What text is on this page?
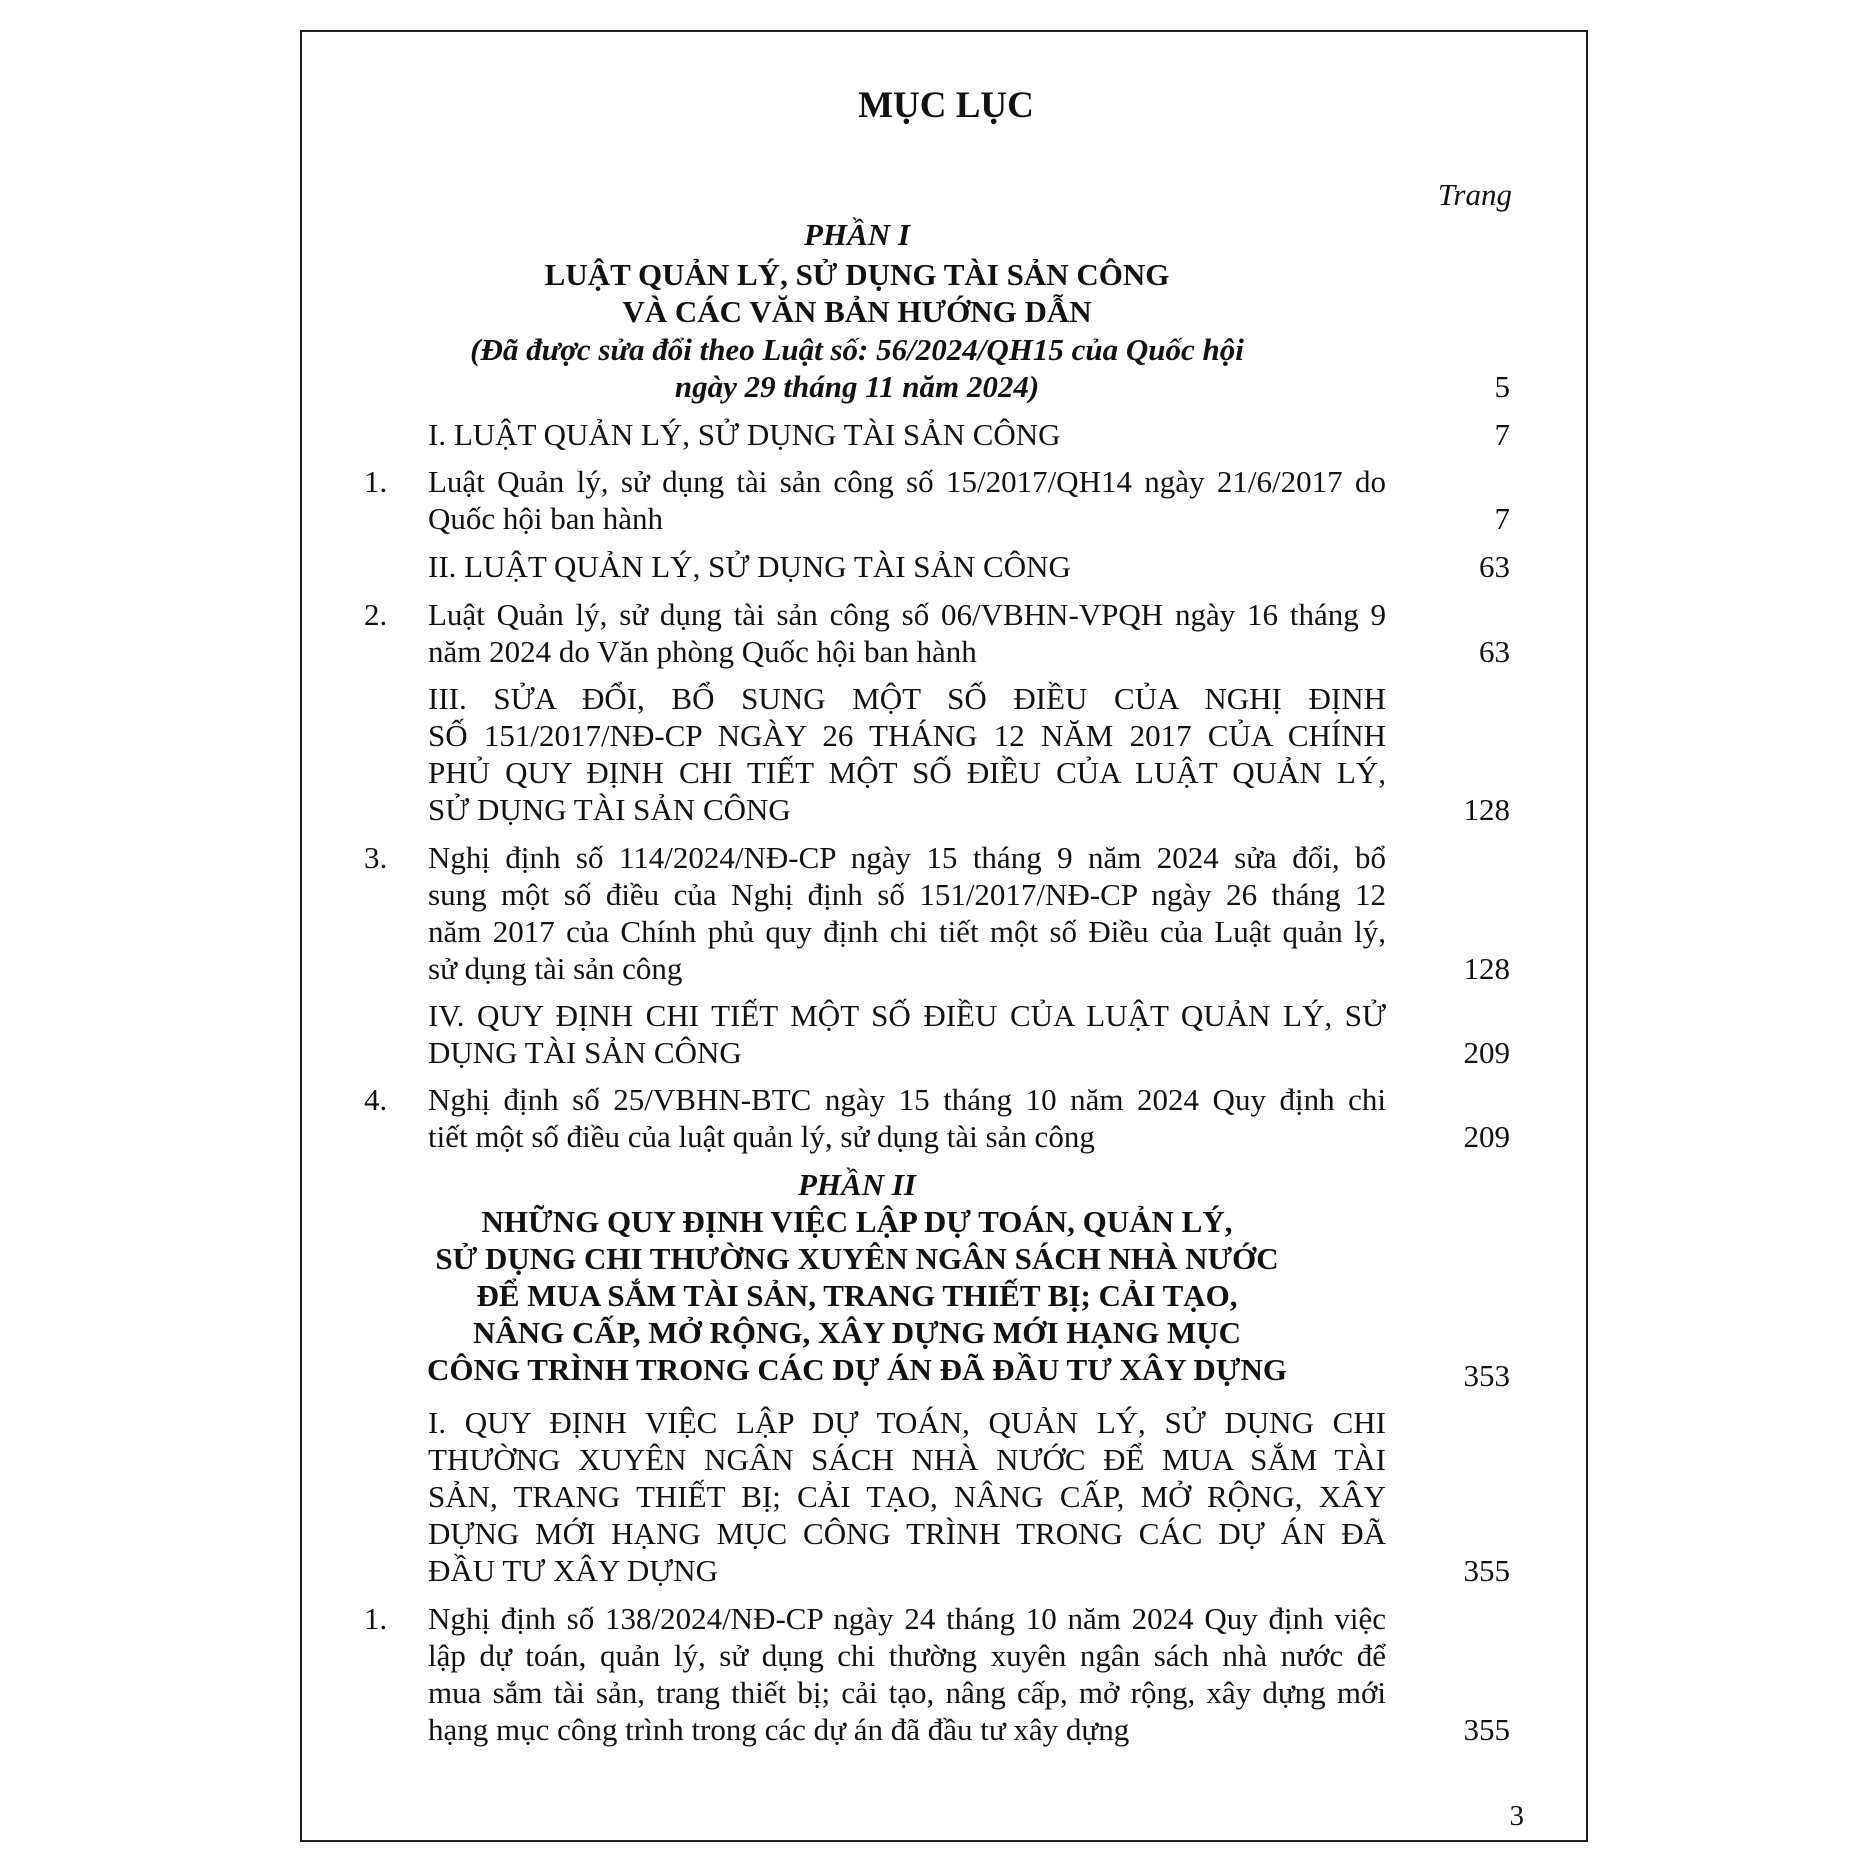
MỤC LỤC
Trang
PHẦN I
LUẬT QUẢN LÝ, SỬ DỤNG TÀI SẢN CÔNG
VÀ CÁC VĂN BẢN HƯỚNG DẪN
(Đã được sửa đổi theo Luật số: 56/2024/QH15 của Quốc hội
ngày 29 tháng 11 năm 2024)	5
I. LUẬT QUẢN LÝ, SỬ DỤNG TÀI SẢN CÔNG	7
1. Luật Quản lý, sử dụng tài sản công số 15/2017/QH14 ngày 21/6/2017 do
Quốc hội ban hành	7
II. LUẬT QUẢN LÝ, SỬ DỤNG TÀI SẢN CÔNG	63
2. Luật Quản lý, sử dụng tài sản công số 06/VBHN-VPQH ngày 16 tháng 9
năm 2024 do Văn phòng Quốc hội ban hành	63
III. SỬA ĐỔI, BỔ SUNG MỘT SỐ ĐIỀU CỦA NGHỊ ĐỊNH
SỐ 151/2017/NĐ-CP NGÀY 26 THÁNG 12 NĂM 2017 CỦA CHÍNH
PHỦ QUY ĐỊNH CHI TIẾT MỘT SỐ ĐIỀU CỦA LUẬT QUẢN LÝ,
SỬ DỤNG TÀI SẢN CÔNG	128
3. Nghị định số 114/2024/NĐ-CP ngày 15 tháng 9 năm 2024 sửa đổi, bổ
sung một số điều của Nghị định số 151/2017/NĐ-CP ngày 26 tháng 12
năm 2017 của Chính phủ quy định chi tiết một số Điều của Luật quản lý,
sử dụng tài sản công	128
IV. QUY ĐỊNH CHI TIẾT MỘT SỐ ĐIỀU CỦA LUẬT QUẢN LÝ, SỬ
DỤNG TÀI SẢN CÔNG	209
4. Nghị định số 25/VBHN-BTC ngày 15 tháng 10 năm 2024 Quy định chi
tiết một số điều của luật quản lý, sử dụng tài sản công	209
PHẦN II
NHỮNG QUY ĐỊNH VIỆC LẬP DỰ TOÁN, QUẢN LÝ,
SỬ DỤNG CHI THƯỜNG XUYÊN NGÂN SÁCH NHÀ NƯỚC
ĐỂ MUA SẮM TÀI SẢN, TRANG THIẾT BỊ; CẢI TẠO,
NÂNG CẤP, MỞ RỘNG, XÂY DỰNG MỚI HẠNG MỤC
CÔNG TRÌNH TRONG CÁC DỰ ÁN ĐÃ ĐẦU TƯ XÂY DỰNG	353
I. QUY ĐỊNH VIỆC LẬP DỰ TOÁN, QUẢN LÝ, SỬ DỤNG CHI
THƯỜNG XUYÊN NGÂN SÁCH NHÀ NƯỚC ĐỂ MUA SẮM TÀI
SẢN, TRANG THIẾT BỊ; CẢI TẠO, NÂNG CẤP, MỞ RỘNG, XÂY
DỰNG MỚI HẠNG MỤC CÔNG TRÌNH TRONG CÁC DỰ ÁN ĐÃ
ĐẦU TƯ XÂY DỰNG	355
1. Nghị định số 138/2024/NĐ-CP ngày 24 tháng 10 năm 2024 Quy định việc
lập dự toán, quản lý, sử dụng chi thường xuyên ngân sách nhà nước để
mua sắm tài sản, trang thiết bị; cải tạo, nâng cấp, mở rộng, xây dựng mới
hạng mục công trình trong các dự án đã đầu tư xây dựng	355
3
